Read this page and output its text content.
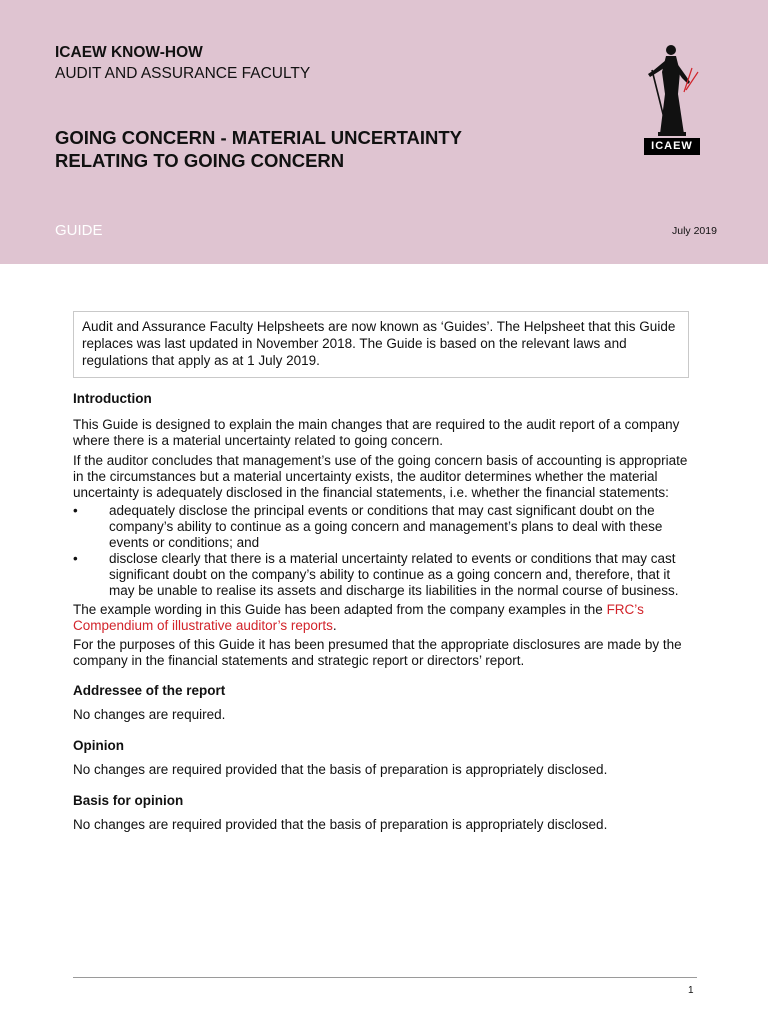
ICAEW KNOW-HOW
AUDIT AND ASSURANCE FACULTY
GOING CONCERN - MATERIAL UNCERTAINTY
RELATING TO GOING CONCERN
GUIDE	July 2019
ICAEW
Audit and Assurance Faculty Helpsheets are now known as ‘Guides’. The Helpsheet that this Guide replaces was last updated in November 2018. The Guide is based on the relevant laws and regulations that apply as at 1 July 2019.
Introduction
This Guide is designed to explain the main changes that are required to the audit report of a company where there is a material uncertainty related to going concern.
If the auditor concludes that management’s use of the going concern basis of accounting is appropriate in the circumstances but a material uncertainty exists, the auditor determines whether the material uncertainty is adequately disclosed in the financial statements, i.e. whether the financial statements:
• adequately disclose the principal events or conditions that may cast significant doubt on the company’s ability to continue as a going concern and management’s plans to deal with these events or conditions; and
• disclose clearly that there is a material uncertainty related to events or conditions that may cast significant doubt on the company’s ability to continue as a going concern and, therefore, that it may be unable to realise its assets and discharge its liabilities in the normal course of business.
The example wording in this Guide has been adapted from the company examples in the FRC’s Compendium of illustrative auditor’s reports.
For the purposes of this Guide it has been presumed that the appropriate disclosures are made by the company in the financial statements and strategic report or directors’ report.
Addressee of the report
No changes are required.
Opinion
No changes are required provided that the basis of preparation is appropriately disclosed.
Basis for opinion
No changes are required provided that the basis of preparation is appropriately disclosed.
1
